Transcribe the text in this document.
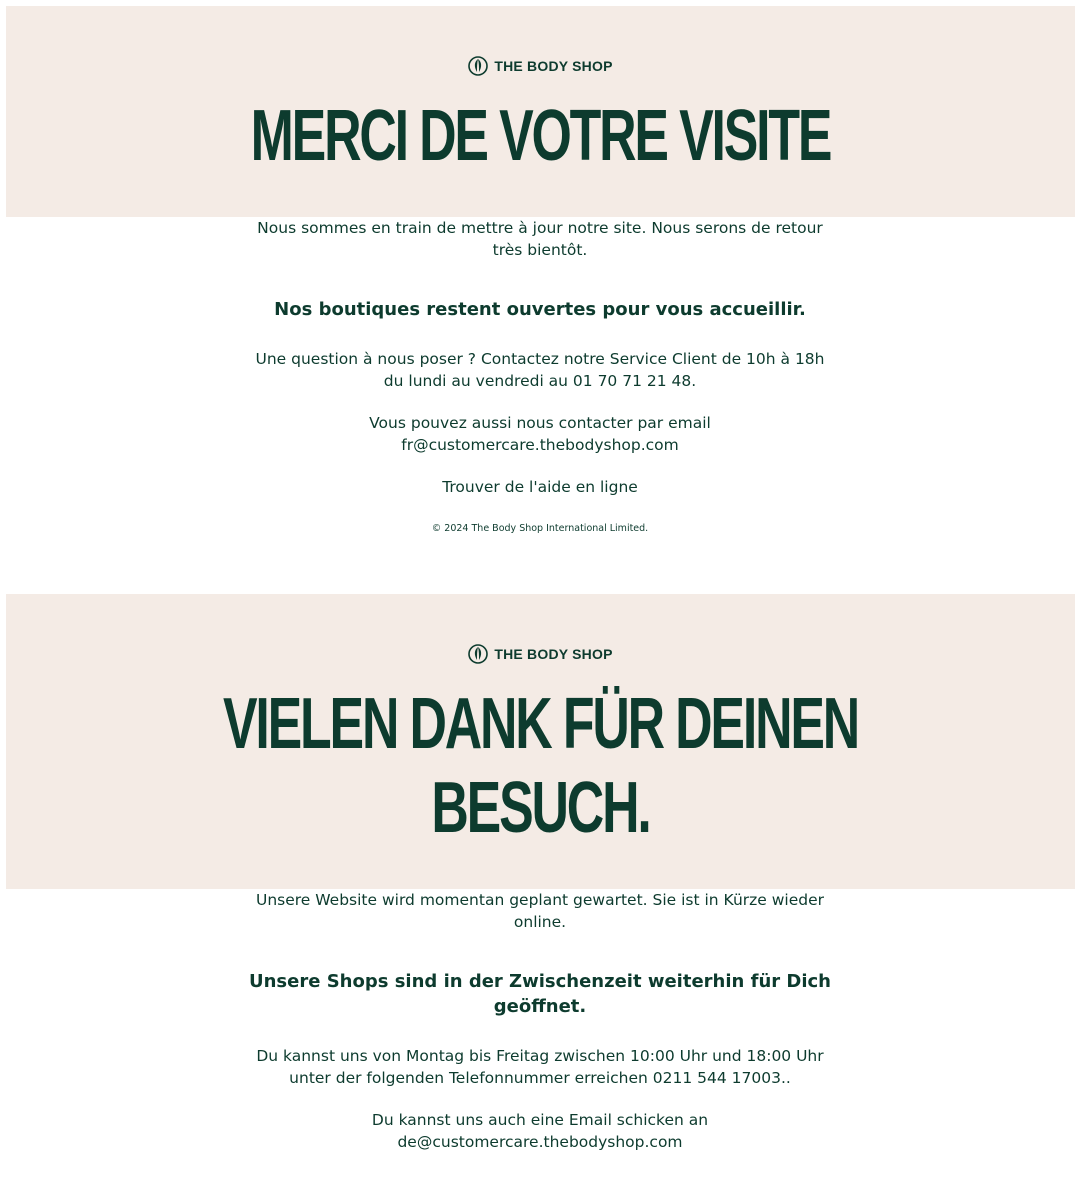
THE BODY SHOP
MERCI DE VOTRE VISITE
Nous sommes en train de mettre à jour notre site. Nous serons de retour
très bientôt.
Nos boutiques restent ouvertes pour vous accueillir.
Une question à nous poser ? Contactez notre Service Client de 10h à 18h
du lundi au vendredi au 01 70 71 21 48.
Vous pouvez aussi nous contacter par email
fr@customercare.thebodyshop.com
Trouver de l'aide en ligne
© 2024 The Body Shop International Limited.
THE BODY SHOP
VIELEN DANK FÜR DEINEN
BESUCH.
Unsere Website wird momentan geplant gewartet. Sie ist in Kürze wieder
online.
Unsere Shops sind in der Zwischenzeit weiterhin für Dich
geöffnet.
Du kannst uns von Montag bis Freitag zwischen 10:00 Uhr und 18:00 Uhr
unter der folgenden Telefonnummer erreichen 0211 544 17003..
Du kannst uns auch eine Email schicken an
de@customercare.thebodyshop.com
